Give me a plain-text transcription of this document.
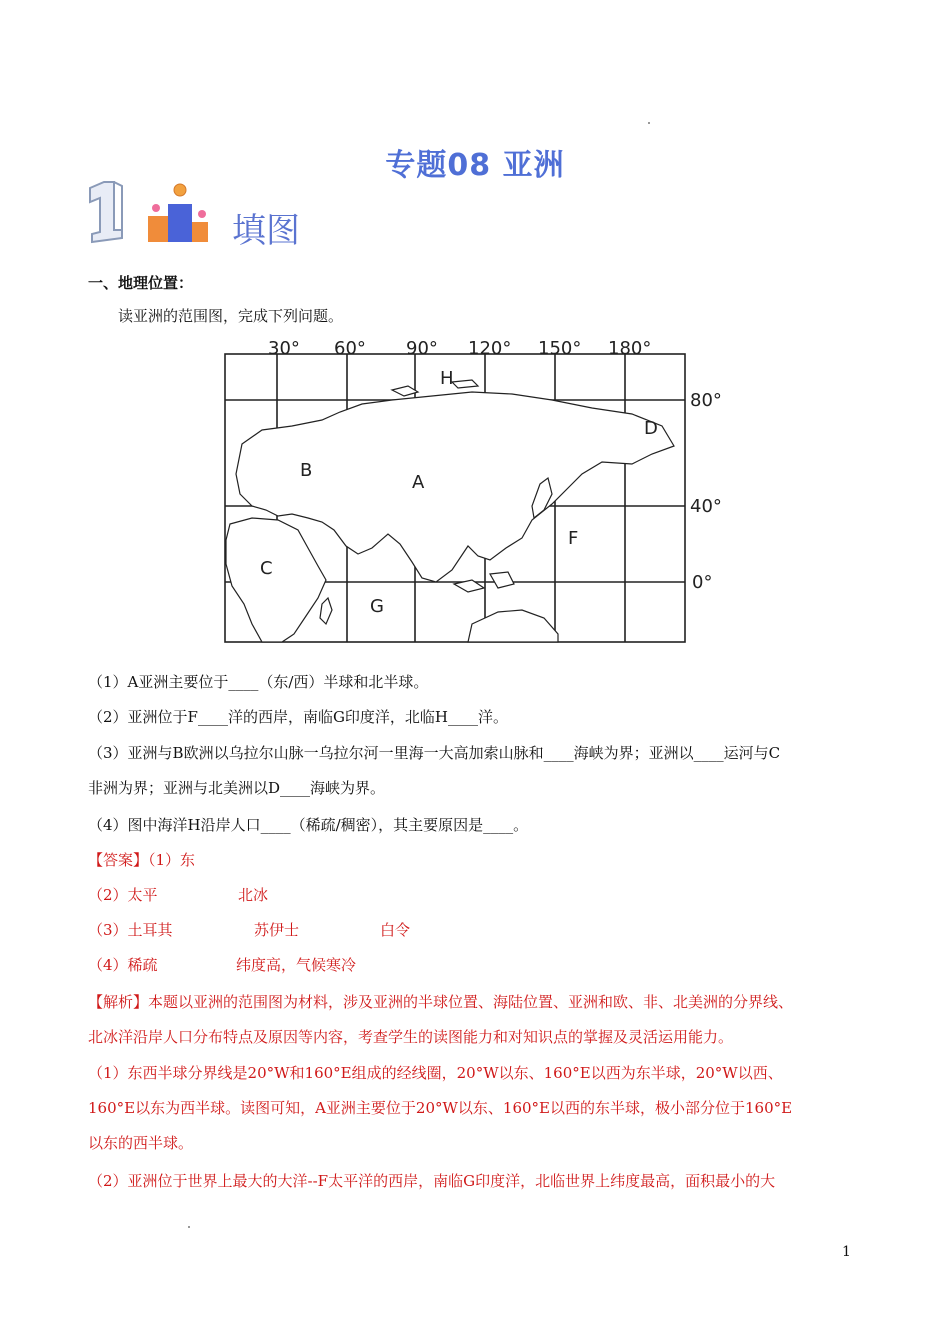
专题08 亚洲
填图
一、地理位置：
读亚洲的范围图，完成下列问题。
30° 60° 90° 120° 150° 180°
80°
40°
0°
H
D
B
A
C
F
G
（1）A亚洲主要位于____（东/西）半球和北半球。
（2）亚洲位于F____洋的西岸，南临G印度洋，北临H____洋。
（3）亚洲与B欧洲以乌拉尔山脉一乌拉尔河一里海一大高加索山脉和____海峡为界；亚洲以____运河与C
非洲为界；亚洲与北美洲以D____海峡为界。
（4）图中海洋H沿岸人口____（稀疏/稠密），其主要原因是____。
【答案】（1）东
（2）太平	北冰
（3）土耳其	苏伊士	白令
（4）稀疏	纬度高，气候寒冷
【解析】本题以亚洲的范围图为材料，涉及亚洲的半球位置、海陆位置、亚洲和欧、非、北美洲的分界线、
北冰洋沿岸人口分布特点及原因等内容，考查学生的读图能力和对知识点的掌握及灵活运用能力。
（1）东西半球分界线是20°W和160°E组成的经线圈，20°W以东、160°E以西为东半球，20°W以西、
160°E以东为西半球。读图可知，A亚洲主要位于20°W以东、160°E以西的东半球，极小部分位于160°E
以东的西半球。
（2）亚洲位于世界上最大的大洋--F太平洋的西岸，南临G印度洋，北临世界上纬度最高，面积最小的大
1
